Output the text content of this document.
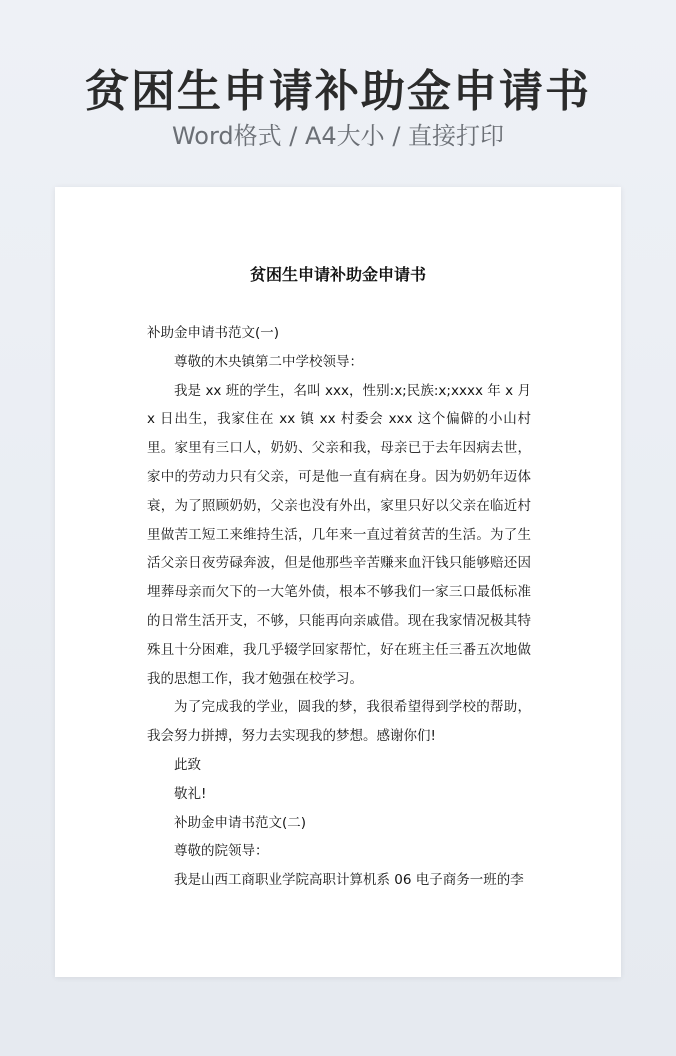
贫困生申请补助金申请书
Word格式 / A4大小 / 直接打印
贫困生申请补助金申请书

补助金申请书范文(一)

尊敬的木央镇第二中学校领导：

我是 xx 班的学生，名叫 xxx，性别:x;民族:x;xxxx 年 x 月 x 日出生，我家住在 xx 镇 xx 村委会 xxx 这个偏僻的小山村里。家里有三口人，奶奶、父亲和我，母亲已于去年因病去世，家中的劳动力只有父亲，可是他一直有病在身。因为奶奶年迈体衰，为了照顾奶奶，父亲也没有外出，家里只好以父亲在临近村里做苦工短工来维持生活，几年来一直过着贫苦的生活。为了生活父亲日夜劳碌奔波，但是他那些辛苦赚来血汗钱只能够赔还因埋葬母亲而欠下的一大笔外债，根本不够我们一家三口最低标准的日常生活开支，不够，只能再向亲戚借。现在我家情况极其特殊且十分困难，我几乎辍学回家帮忙，好在班主任三番五次地做我的思想工作，我才勉强在校学习。

为了完成我的学业，圆我的梦，我很希望得到学校的帮助，我会努力拼搏，努力去实现我的梦想。感谢你们!

此致

敬礼!

补助金申请书范文(二)

尊敬的院领导：

我是山西工商职业学院高职计算机系 06 电子商务一班的李
